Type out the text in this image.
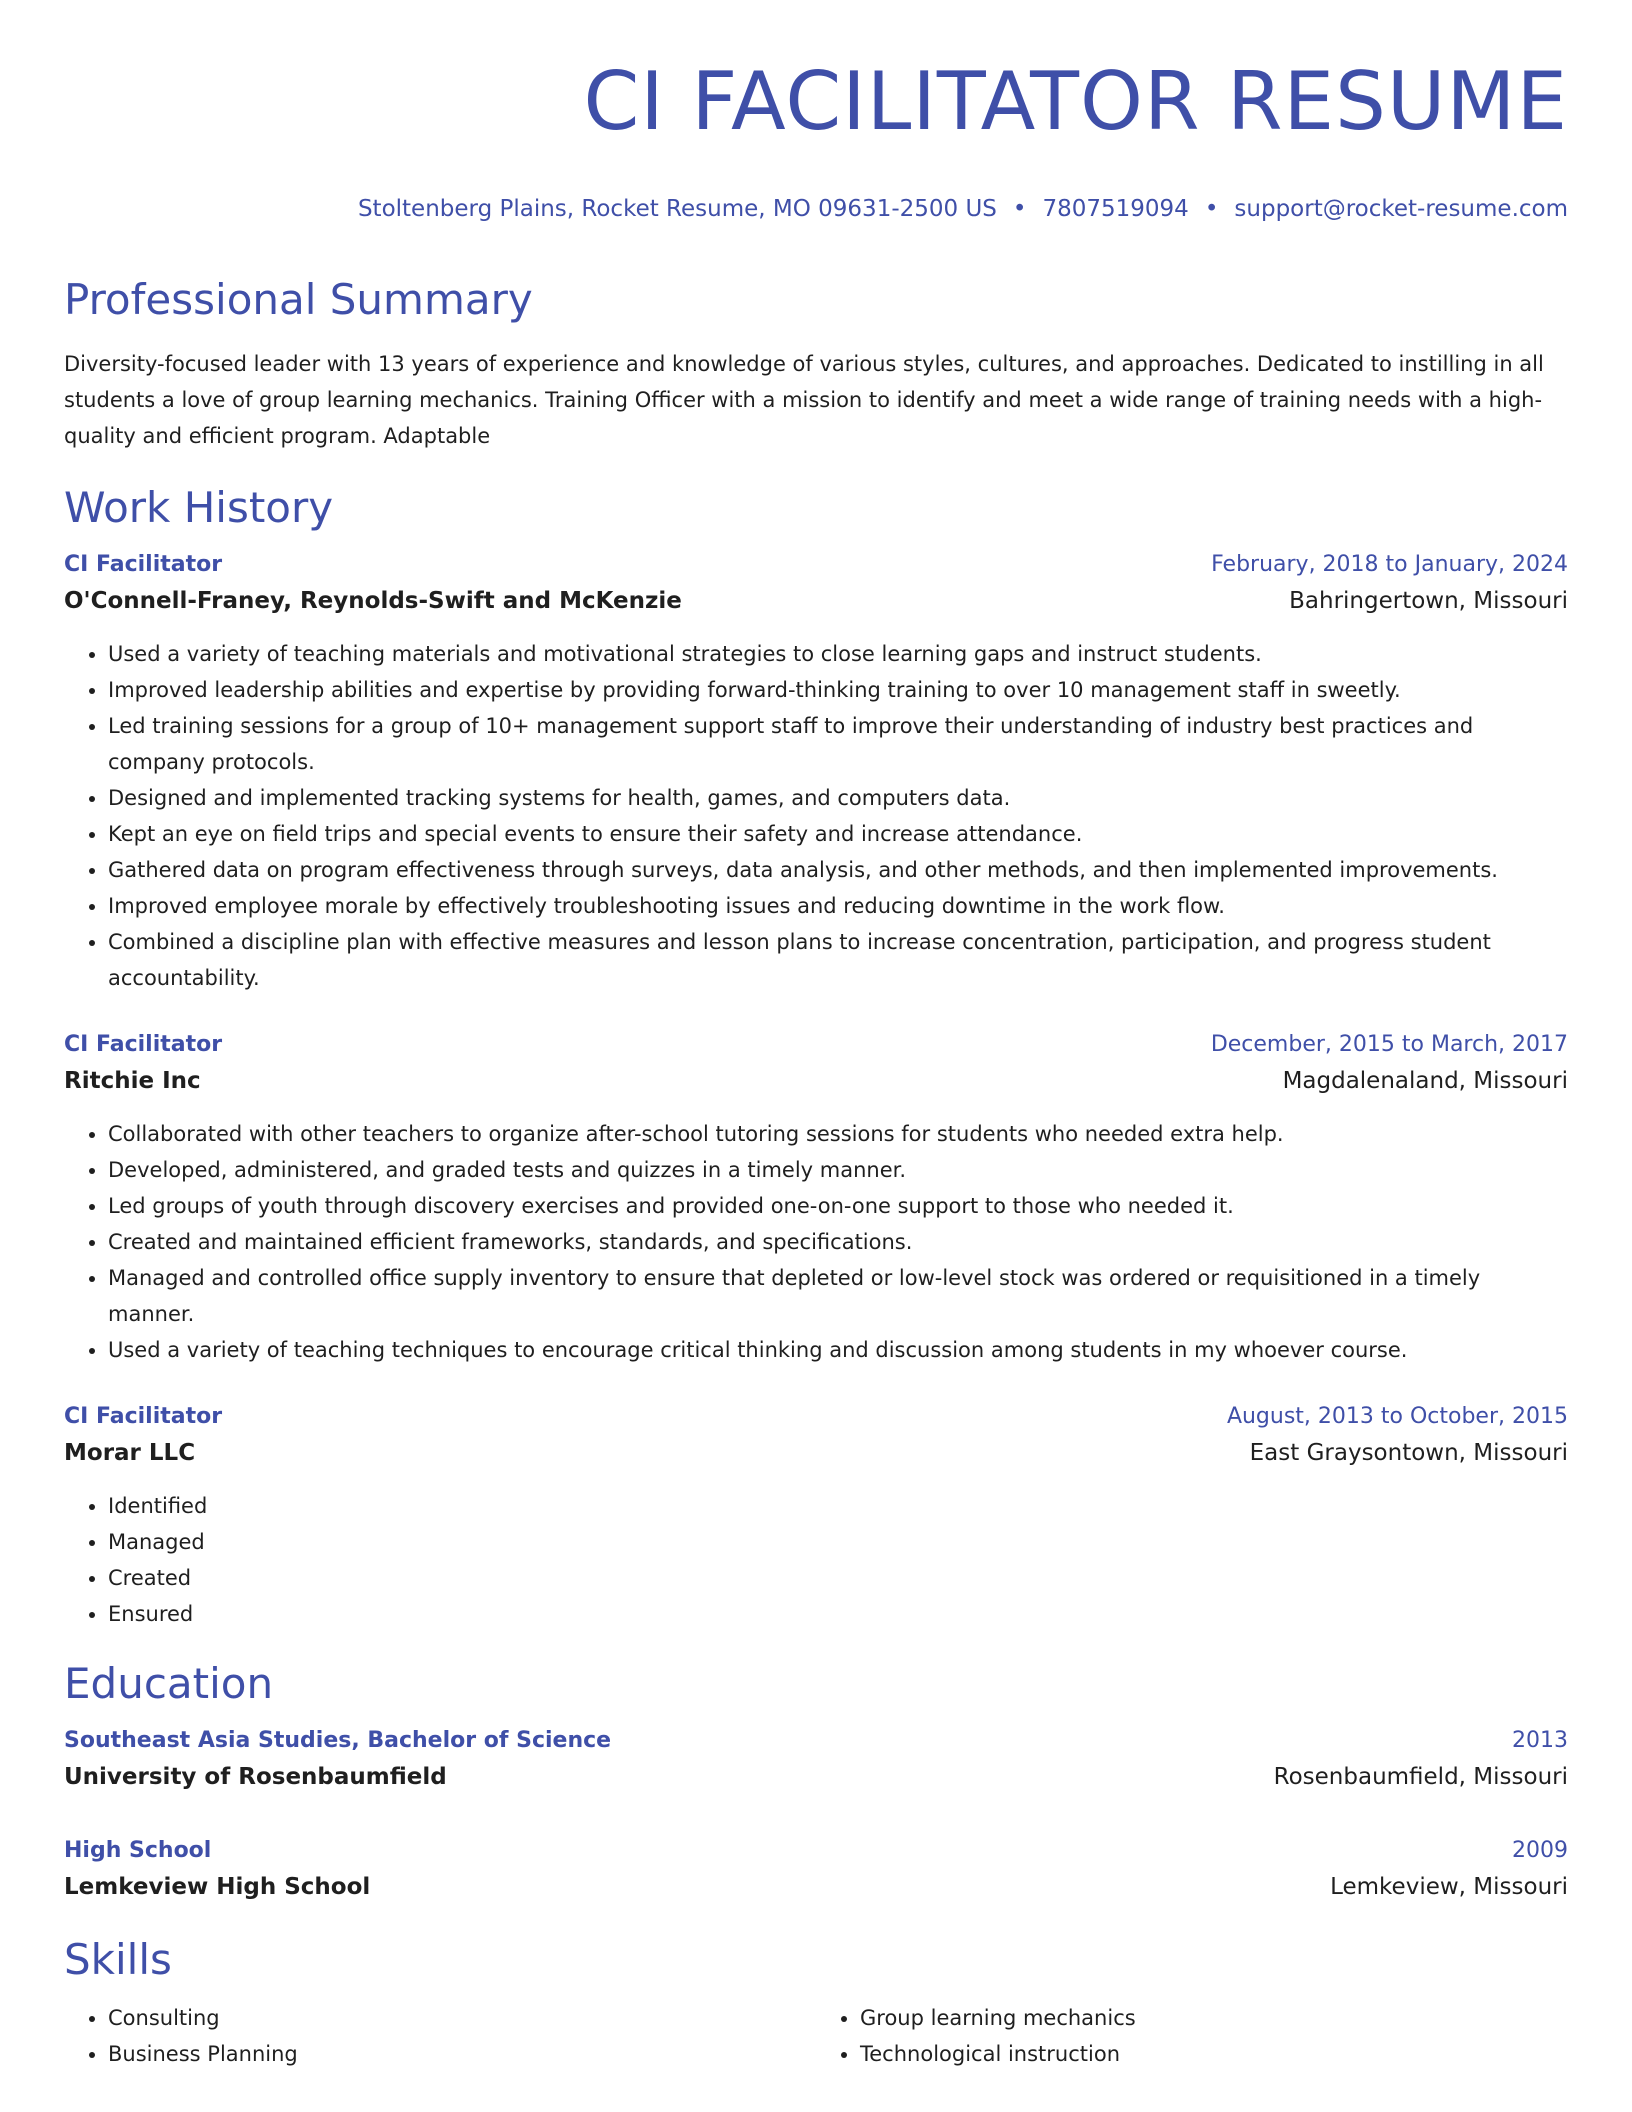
CI FACILITATOR RESUME
Stoltenberg Plains, Rocket Resume, MO 09631-2500 US • 7807519094 • support@rocket-resume.com
Professional Summary

Diversity-focused leader with 13 years of experience and knowledge of various styles, cultures, and approaches. Dedicated to instilling in all students a love of group learning mechanics. Training Officer with a mission to identify and meet a wide range of training needs with a high-quality and efficient program. Adaptable

Work History
CI Facilitator	February, 2018 to January, 2024
O'Connell-Franey, Reynolds-Swift and McKenzie	Bahringertown, Missouri
• Used a variety of teaching materials and motivational strategies to close learning gaps and instruct students.
• Improved leadership abilities and expertise by providing forward-thinking training to over 10 management staff in sweetly.
• Led training sessions for a group of 10+ management support staff to improve their understanding of industry best practices and company protocols.
• Designed and implemented tracking systems for health, games, and computers data.
• Kept an eye on field trips and special events to ensure their safety and increase attendance.
• Gathered data on program effectiveness through surveys, data analysis, and other methods, and then implemented improvements.
• Improved employee morale by effectively troubleshooting issues and reducing downtime in the work flow.
• Combined a discipline plan with effective measures and lesson plans to increase concentration, participation, and progress student accountability.
CI Facilitator	December, 2015 to March, 2017
Ritchie Inc	Magdalenaland, Missouri
• Collaborated with other teachers to organize after-school tutoring sessions for students who needed extra help.
• Developed, administered, and graded tests and quizzes in a timely manner.
• Led groups of youth through discovery exercises and provided one-on-one support to those who needed it.
• Created and maintained efficient frameworks, standards, and specifications.
• Managed and controlled office supply inventory to ensure that depleted or low-level stock was ordered or requisitioned in a timely manner.
• Used a variety of teaching techniques to encourage critical thinking and discussion among students in my whoever course.
CI Facilitator	August, 2013 to October, 2015
Morar LLC	East Graysontown, Missouri
• Identified
• Managed
• Created
• Ensured
Education
Southeast Asia Studies, Bachelor of Science	2013
University of Rosenbaumfield	Rosenbaumfield, Missouri
High School	2009
Lemkeview High School	Lemkeview, Missouri
Skills
• Consulting
• Business Planning
• Group learning mechanics
• Technological instruction
